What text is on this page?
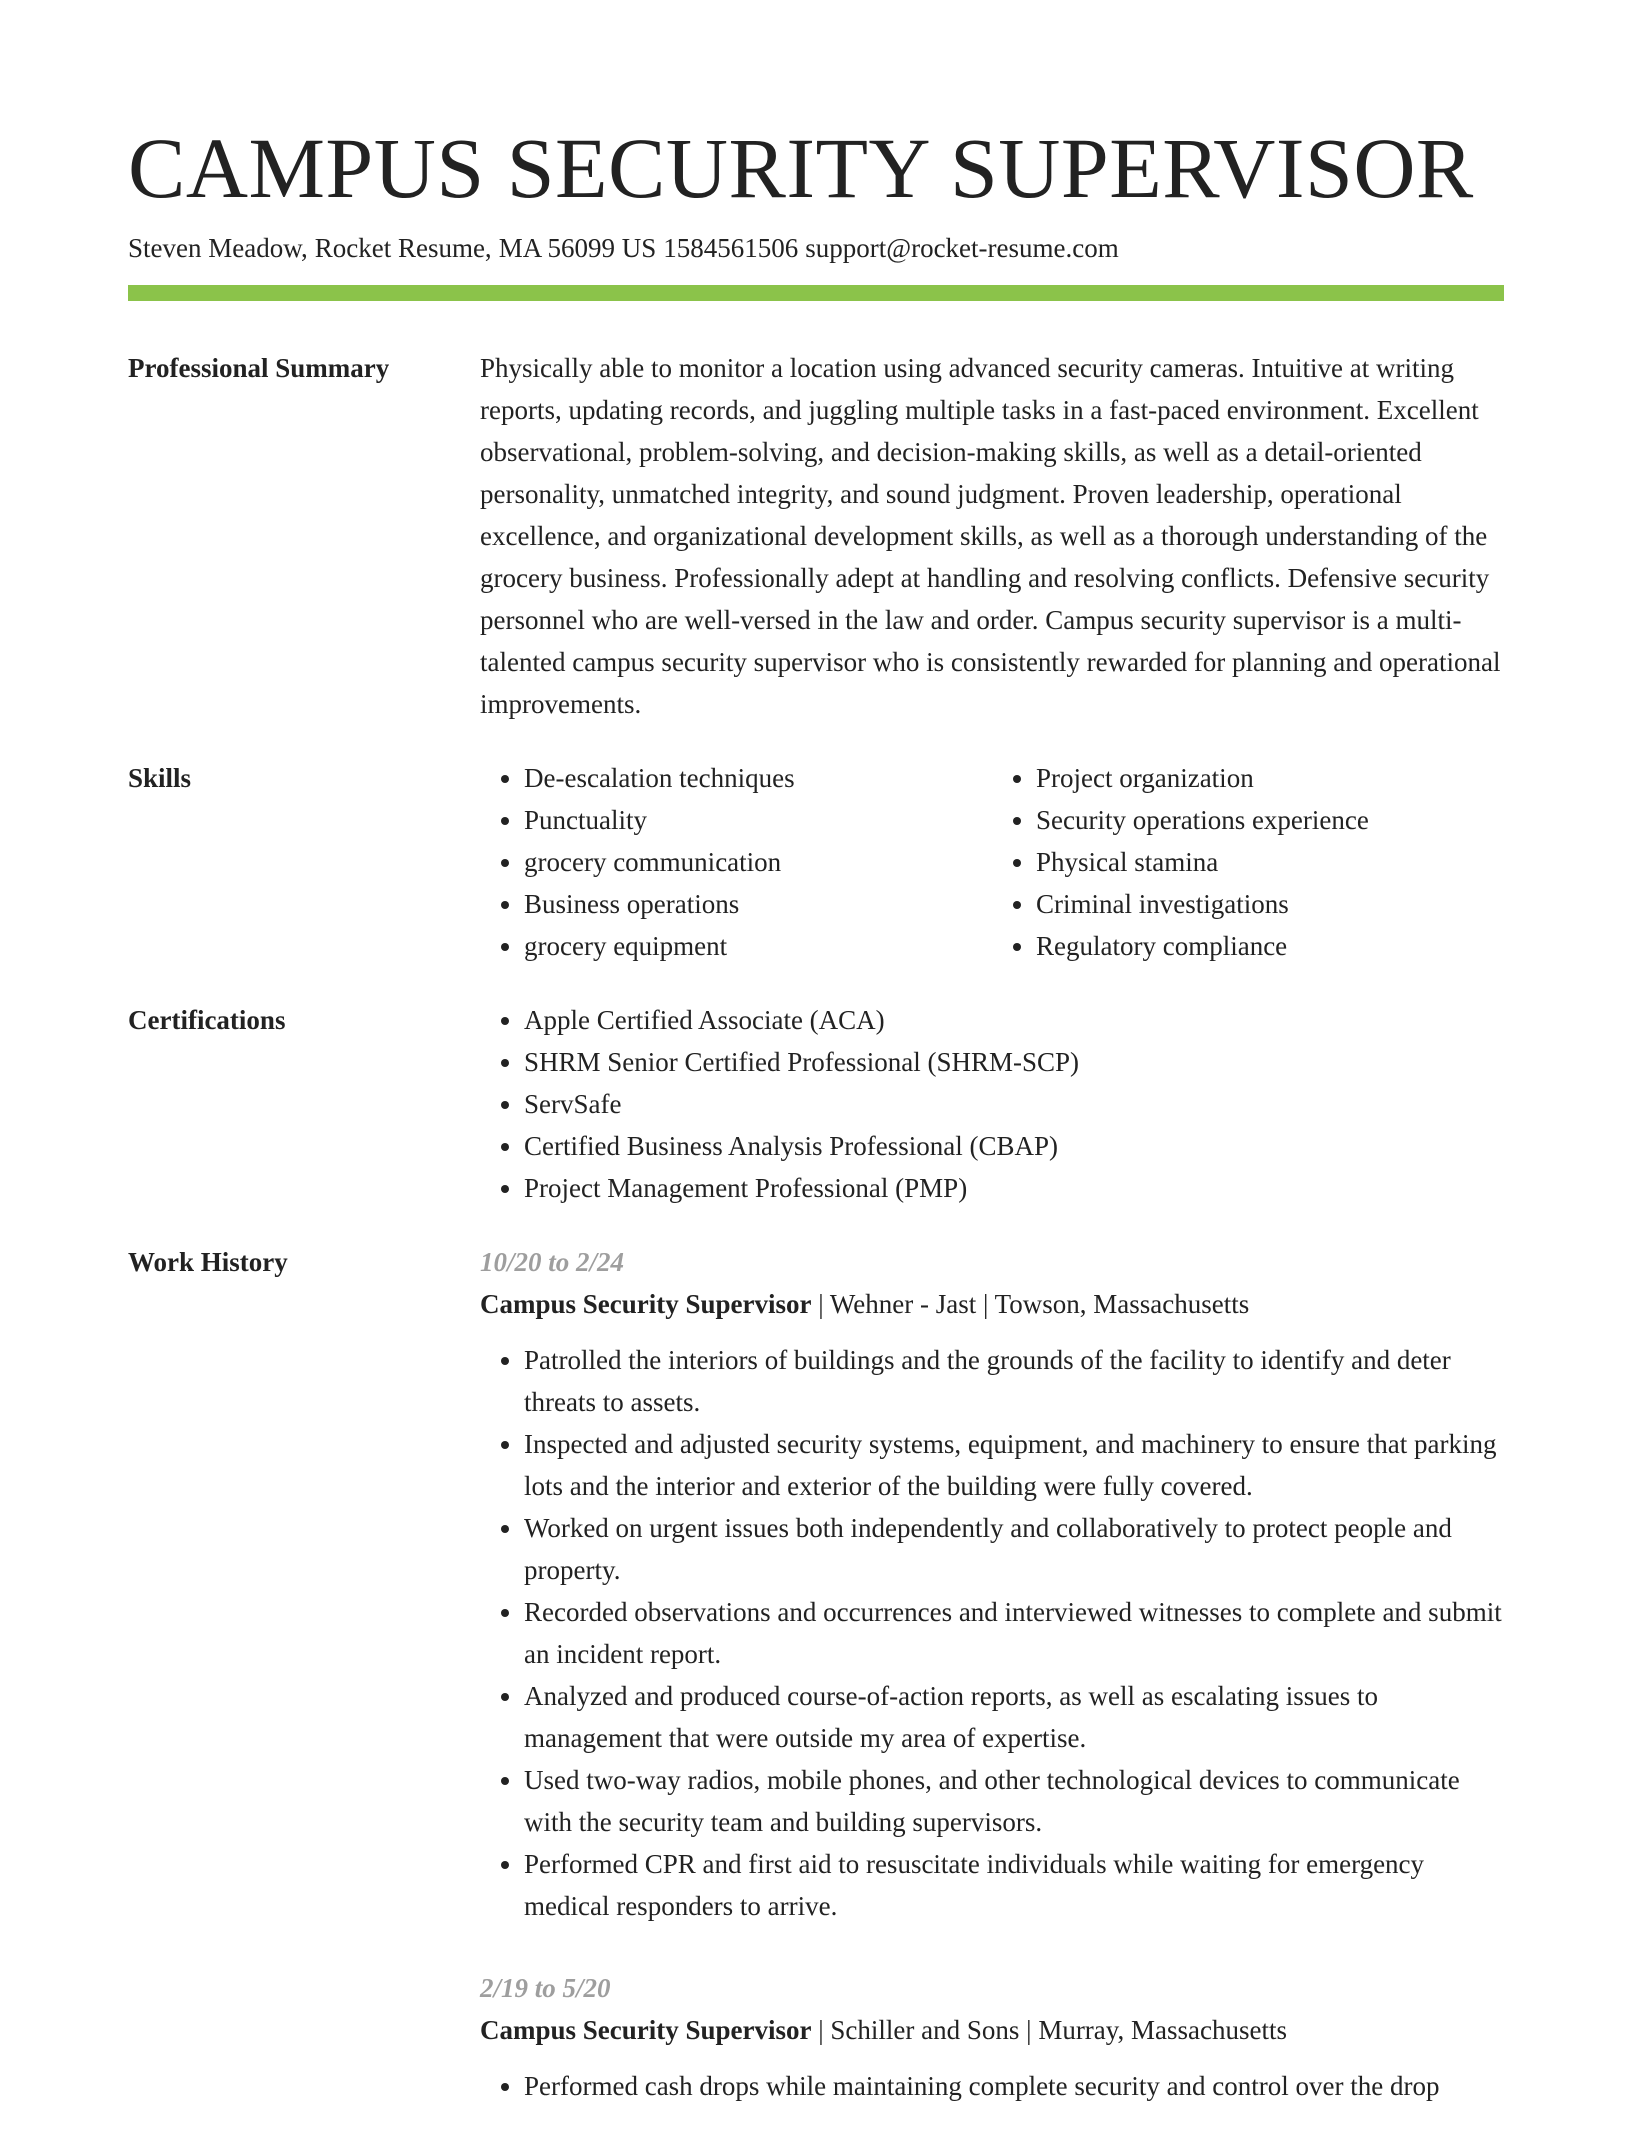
CAMPUS SECURITY SUPERVISOR
Steven Meadow, Rocket Resume, MA 56099 US 1584561506 support@rocket-resume.com
Professional Summary	Physically able to monitor a location using advanced security cameras. Intuitive at writing reports, updating records, and juggling multiple tasks in a fast-paced environment. Excellent observational, problem-solving, and decision-making skills, as well as a detail-oriented personality, unmatched integrity, and sound judgment. Proven leadership, operational excellence, and organizational development skills, as well as a thorough understanding of the grocery business. Professionally adept at handling and resolving conflicts. Defensive security personnel who are well-versed in the law and order. Campus security supervisor is a multi-talented campus security supervisor who is consistently rewarded for planning and operational improvements.

Skills	• De-escalation techniques
• Punctuality
• grocery communication
• Business operations
• grocery equipment
• Project organization
• Security operations experience
• Physical stamina
• Criminal investigations
• Regulatory compliance
Certifications	• Apple Certified Associate (ACA)
• SHRM Senior Certified Professional (SHRM-SCP)
• ServSafe
• Certified Business Analysis Professional (CBAP)
• Project Management Professional (PMP)
Work History	10/20 to 2/24
Campus Security Supervisor | Wehner - Jast | Towson, Massachusetts
• Patrolled the interiors of buildings and the grounds of the facility to identify and deter threats to assets.
• Inspected and adjusted security systems, equipment, and machinery to ensure that parking lots and the interior and exterior of the building were fully covered.
• Worked on urgent issues both independently and collaboratively to protect people and property.
• Recorded observations and occurrences and interviewed witnesses to complete and submit an incident report.
• Analyzed and produced course-of-action reports, as well as escalating issues to management that were outside my area of expertise.
• Used two-way radios, mobile phones, and other technological devices to communicate with the security team and building supervisors.
• Performed CPR and first aid to resuscitate individuals while waiting for emergency medical responders to arrive.
2/19 to 5/20
Campus Security Supervisor | Schiller and Sons | Murray, Massachusetts
• Performed cash drops while maintaining complete security and control over the drop
